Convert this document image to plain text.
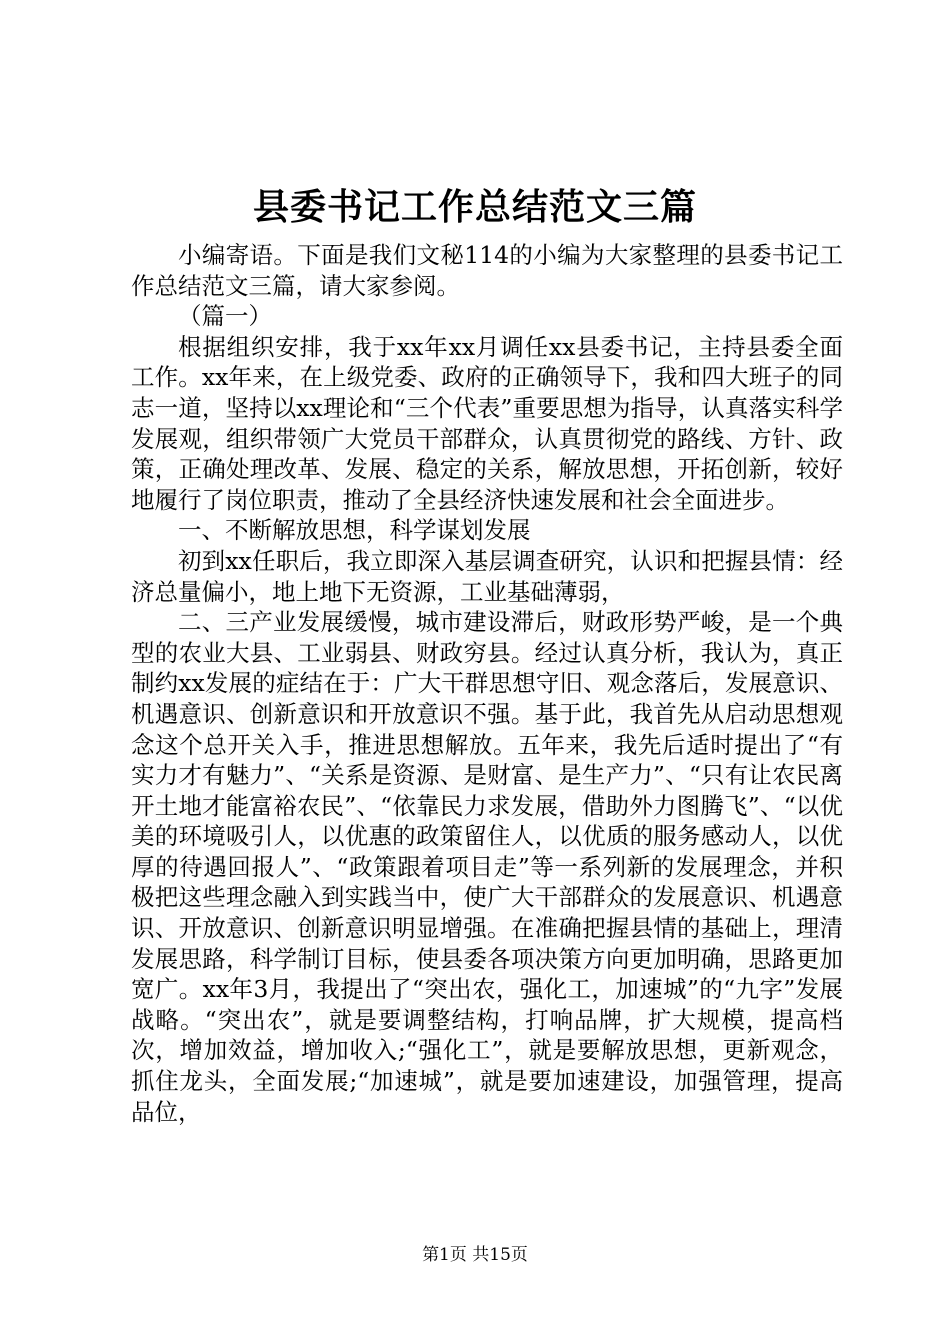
县委书记工作总结范文三篇

小编寄语。下面是我们文秘114的小编为大家整理的县委书记工作总结范文三篇，请大家参阅。

（篇一）

根据组织安排，我于xx年xx月调任xx县委书记，主持县委全面工作。xx年来，在上级党委、政府的正确领导下，我和四大班子的同志一道，坚持以xx理论和“三个代表”重要思想为指导，认真落实科学发展观，组织带领广大党员干部群众，认真贯彻党的路线、方针、政策，正确处理改革、发展、稳定的关系，解放思想，开拓创新，较好地履行了岗位职责，推动了全县经济快速发展和社会全面进步。

一、不断解放思想，科学谋划发展

初到xx任职后，我立即深入基层调查研究，认识和把握县情：经济总量偏小，地上地下无资源，工业基础薄弱，

二、三产业发展缓慢，城市建设滞后，财政形势严峻，是一个典型的农业大县、工业弱县、财政穷县。经过认真分析，我认为，真正制约xx发展的症结在于：广大干群思想守旧、观念落后，发展意识、机遇意识、创新意识和开放意识不强。基于此，我首先从启动思想观念这个总开关入手，推进思想解放。五年来，我先后适时提出了“有实力才有魅力”、“关系是资源、是财富、是生产力”、“只有让农民离开土地才能富裕农民”、“依靠民力求发展，借助外力图腾飞”、“以优美的环境吸引人，以优惠的政策留住人，以优质的服务感动人，以优厚的待遇回报人”、“政策跟着项目走”等一系列新的发展理念，并积极把这些理念融入到实践当中，使广大干部群众的发展意识、机遇意识、开放意识、创新意识明显增强。在准确把握县情的基础上，理清发展思路，科学制订目标，使县委各项决策方向更加明确，思路更加宽广。xx年3月，我提出了“突出农，强化工，加速城”的“九字”发展战略。“突出农”，就是要调整结构，打响品牌，扩大规模，提高档次，增加效益，增加收入;“强化工”，就是要解放思想，更新观念，抓住龙头，全面发展;“加速城”，就是要加速建设，加强管理，提高品位，

第1页 共15页
